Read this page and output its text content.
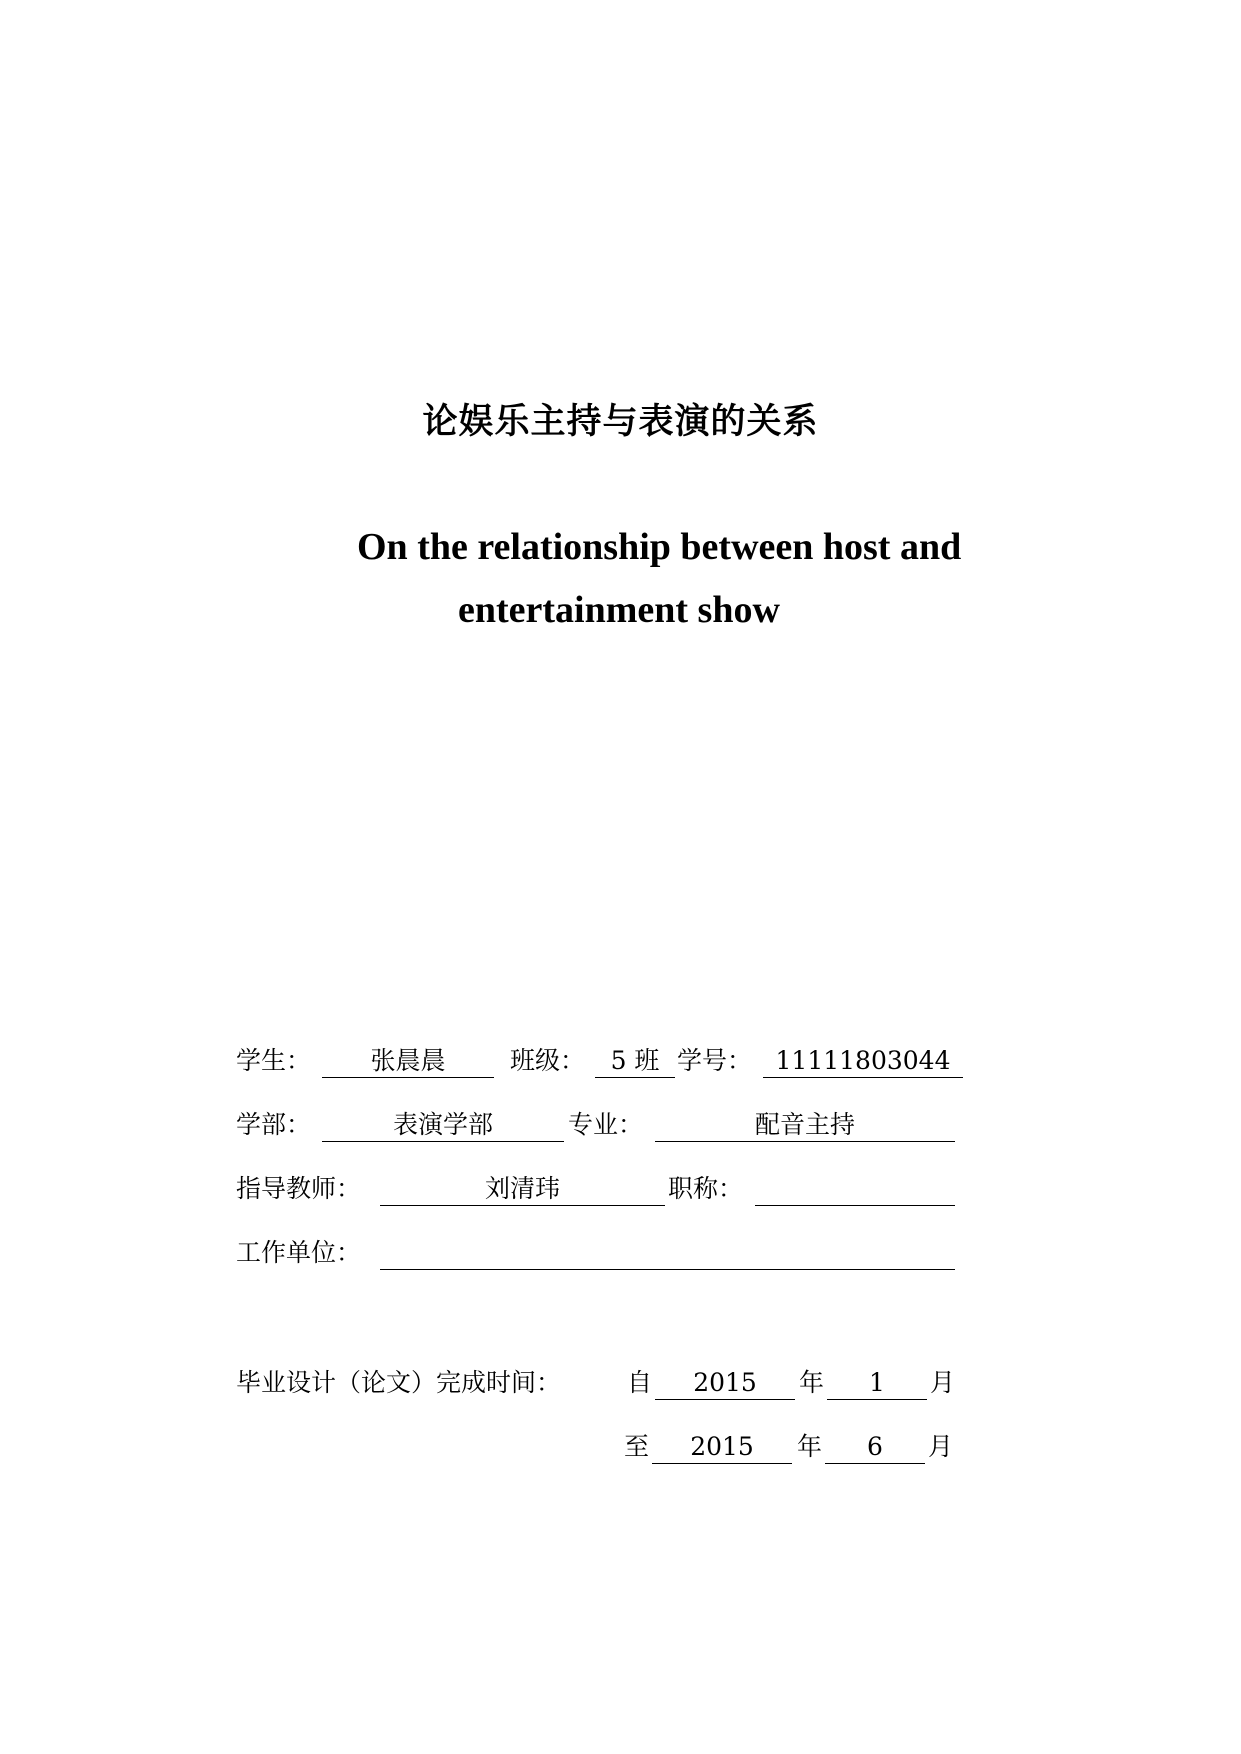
论娱乐主持与表演的关系
On the relationship between host and
entertainment show
学生：	张晨晨	班级：	5 班 学号： 11111803044
学部：	表演学部	专业：	配音主持
指导教师：	刘清玮	职称：
工作单位：
毕业设计（论文）完成时间：	自	2015	年	1	月
至	2015	年	6	月
